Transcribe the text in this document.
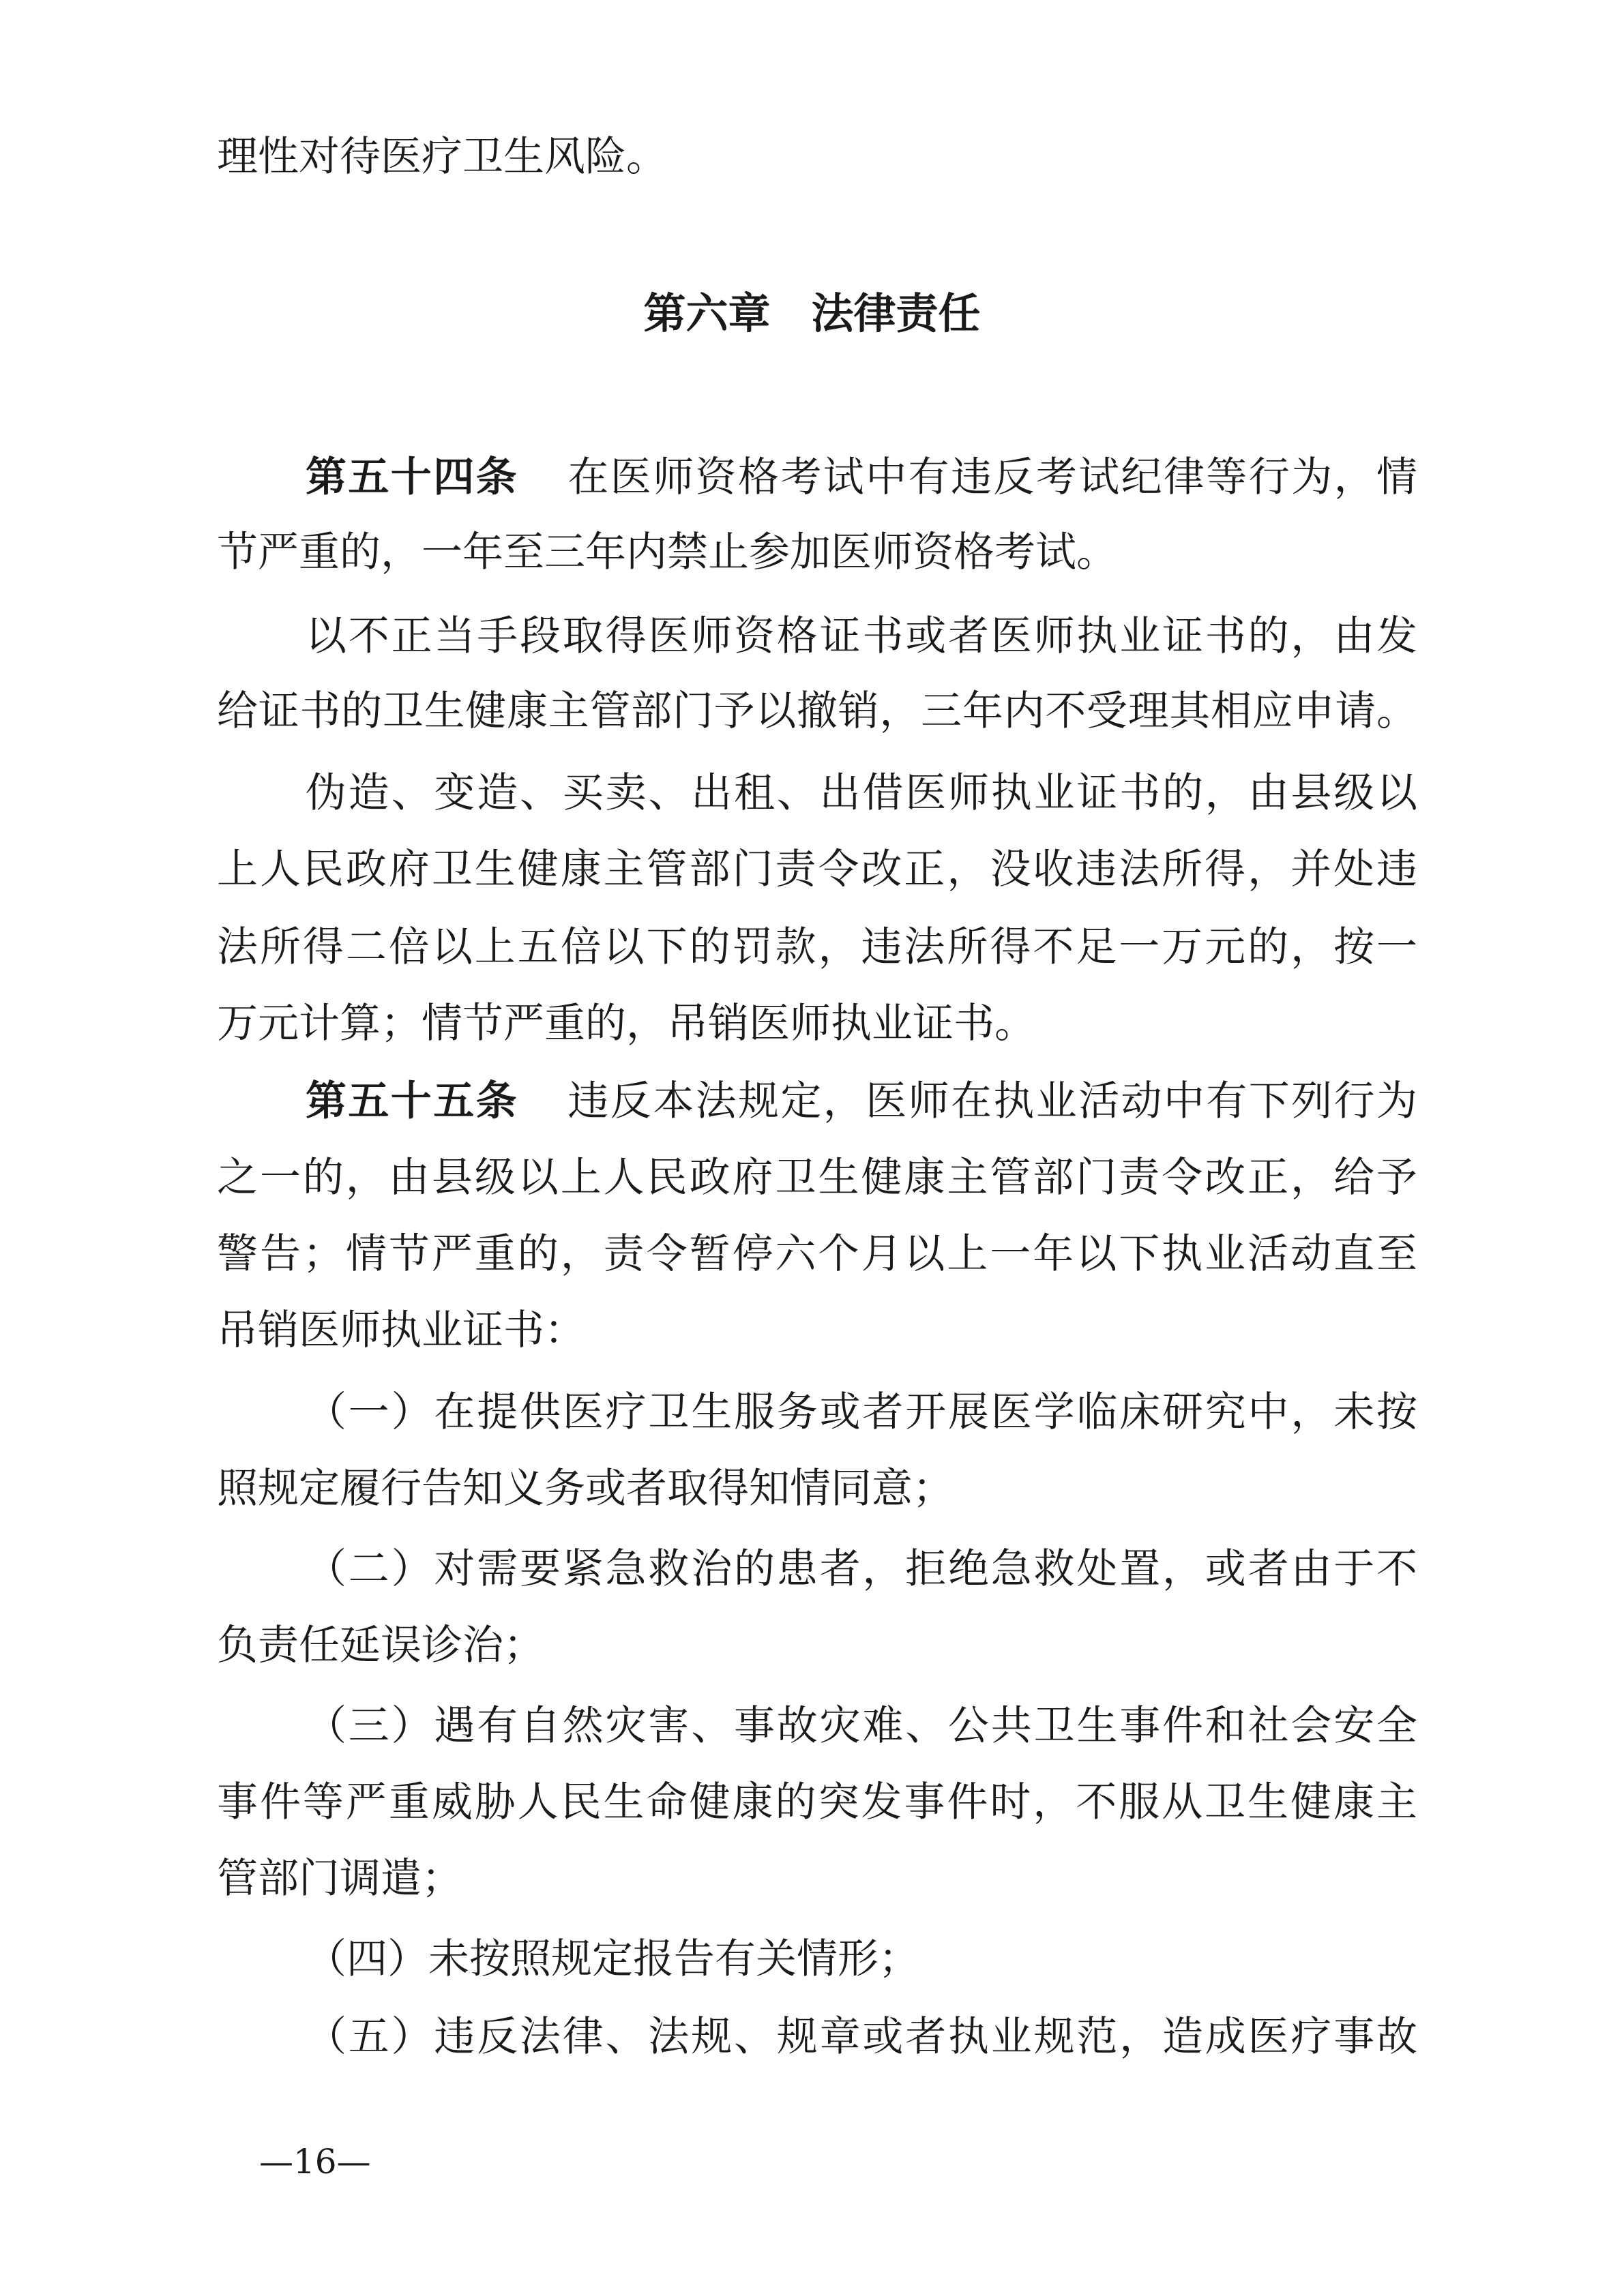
理性对待医疗卫生风险。
第六章 法律责任
第五十四条 在医师资格考试中有违反考试纪律等行为，情
节严重的，一年至三年内禁止参加医师资格考试。
以不正当手段取得医师资格证书或者医师执业证书的，由发
给证书的卫生健康主管部门予以撤销，三年内不受理其相应申请。
伪造、变造、买卖、出租、出借医师执业证书的，由县级以
上人民政府卫生健康主管部门责令改正，没收违法所得，并处违
法所得二倍以上五倍以下的罚款，违法所得不足一万元的，按一
万元计算；情节严重的，吊销医师执业证书。
第五十五条 违反本法规定，医师在执业活动中有下列行为
之一的，由县级以上人民政府卫生健康主管部门责令改正，给予
警告；情节严重的，责令暂停六个月以上一年以下执业活动直至
吊销医师执业证书：
（一）在提供医疗卫生服务或者开展医学临床研究中，未按
照规定履行告知义务或者取得知情同意；
（二）对需要紧急救治的患者，拒绝急救处置，或者由于不
负责任延误诊治；
（三）遇有自然灾害、事故灾难、公共卫生事件和社会安全
事件等严重威胁人民生命健康的突发事件时，不服从卫生健康主
管部门调遣；
（四）未按照规定报告有关情形；
（五）违反法律、法规、规章或者执业规范，造成医疗事故
—16—
